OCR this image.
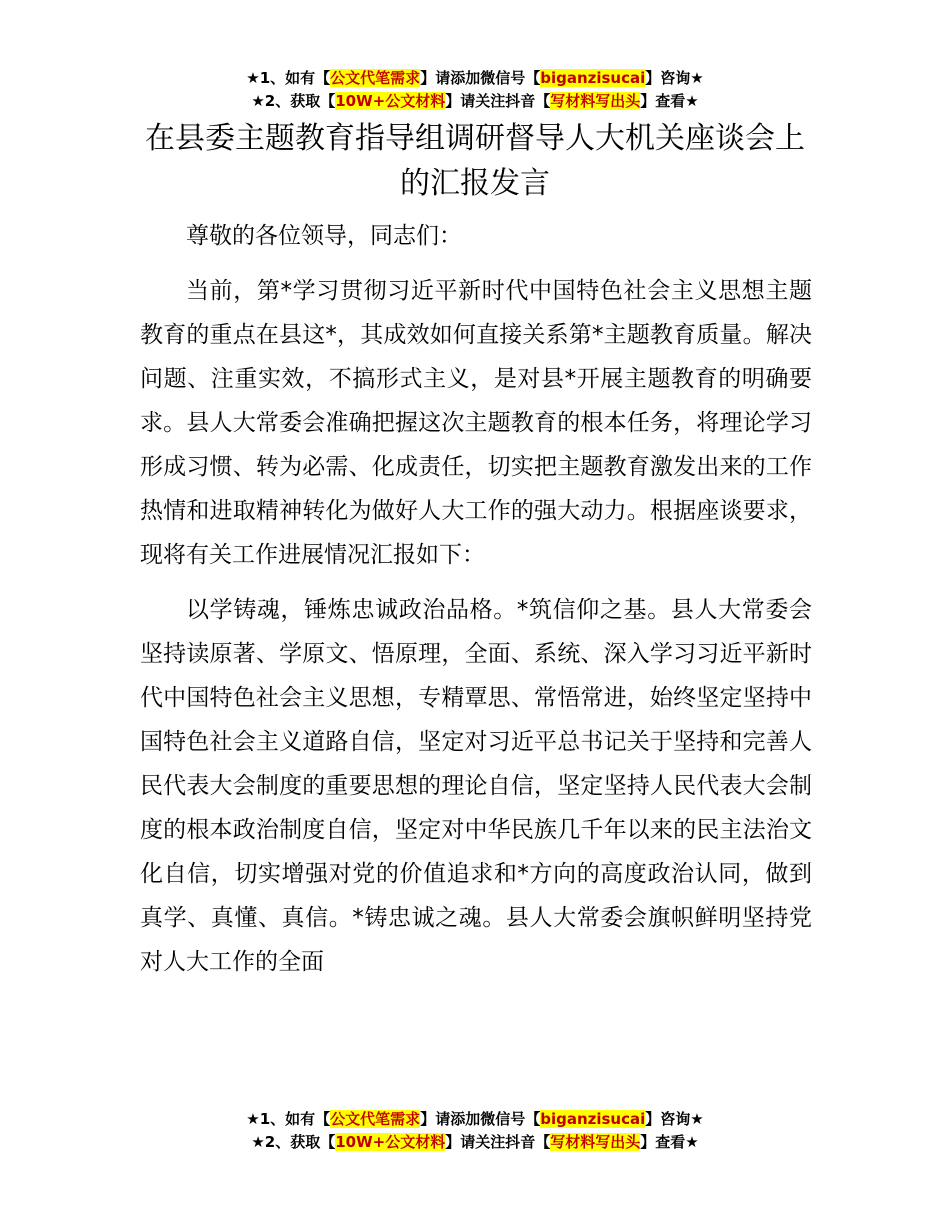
★1、如有【公文代笔需求】请添加微信号【biganzisucai】咨询★
★2、获取【10W+公文材料】请关注抖音【写材料写出头】查看★
在县委主题教育指导组调研督导人大机关座谈会上的汇报发言

尊敬的各位领导，同志们：

当前，第*学习贯彻习近平新时代中国特色社会主义思想主题教育的重点在县这*，其成效如何直接关系第*主题教育质量。解决问题、注重实效，不搞形式主义，是对县*开展主题教育的明确要求。县人大常委会准确把握这次主题教育的根本任务，将理论学习形成习惯、转为必需、化成责任，切实把主题教育激发出来的工作热情和进取精神转化为做好人大工作的强大动力。根据座谈要求，现将有关工作进展情况汇报如下：

以学铸魂，锤炼忠诚政治品格。*筑信仰之基。县人大常委会坚持读原著、学原文、悟原理，全面、系统、深入学习习近平新时代中国特色社会主义思想，专精覃思、常悟常进，始终坚定坚持中国特色社会主义道路自信，坚定对习近平总书记关于坚持和完善人民代表大会制度的重要思想的理论自信，坚定坚持人民代表大会制度的根本政治制度自信，坚定对中华民族几千年以来的民主法治文化自信，切实增强对党的价值追求和*方向的高度政治认同，做到真学、真懂、真信。*铸忠诚之魂。县人大常委会旗帜鲜明坚持党对人大工作的全面

★1、如有【公文代笔需求】请添加微信号【biganzisucai】咨询★
★2、获取【10W+公文材料】请关注抖音【写材料写出头】查看★
